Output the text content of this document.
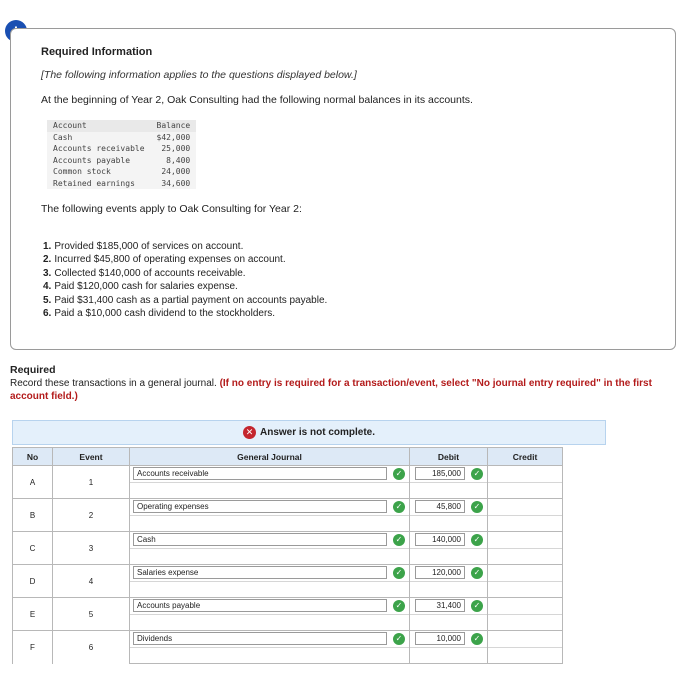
Required Information
[The following information applies to the questions displayed below.]
At the beginning of Year 2, Oak Consulting had the following normal balances in its accounts.
Account	Balance
Cash	$42,000
Accounts receivable	25,000
Accounts payable	8,400
Common stock	24,000
Retained earnings	34,600
The following events apply to Oak Consulting for Year 2:
1. Provided $185,000 of services on account.
2. Incurred $45,800 of operating expenses on account.
3. Collected $140,000 of accounts receivable.
4. Paid $120,000 cash for salaries expense.
5. Paid $31,400 cash as a partial payment on accounts payable.
6. Paid a $10,000 cash dividend to the stockholders.
Required
Record these transactions in a general journal. (If no entry is required for a transaction/event, select "No journal entry required" in the first account field.)
✕ Answer is not complete.
No	Event	General Journal	Debit	Credit
A	1	Accounts receivable ✓	185,000 ✓	

B	2	Operating expenses ✓	45,800 ✓	

C	3	Cash ✓	140,000 ✓	

D	4	Salaries expense ✓	120,000 ✓	

E	5	Accounts payable ✓	31,400 ✓	

F	6	Dividends ✓	10,000 ✓	
